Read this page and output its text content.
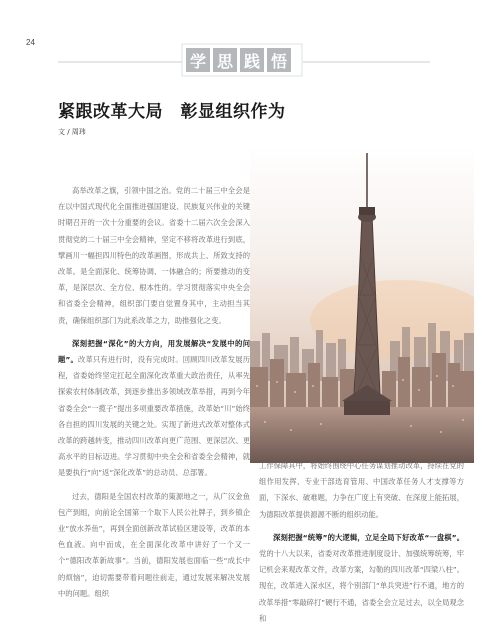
24
学 思 践 悟
紧跟改革大局　彰显组织作为
文 / 周玮

高举改革之旗，引领中国之治。党的二十届三中全会是在以中国式现代化全面推进强国建设、民族复兴伟业的关键时期召开的一次十分重要的会议。省委十二届六次全会深入贯彻党的二十届三中全会精神，坚定不移将改革进行到底，擘画川一幅担四川特色的改革画图，形成共上、所致支持的改革。是全面深化、统筹协调、一体融合的；所要推动的变革，是深层次、全方位、根本性的。学习贯彻落实中央全会和省委全会精神，组织部门要自觉置身其中，主动担当其责，确保组织部门为此系改革之力，助推强化之变。

深刻把握“深化”的大方向，用发展解决“发展中的问题”。改革只有进行时，没有完成时。回顾四川改革发展历程，省委始终坚定扛起全面深化改革重大政治责任，从率先探索农村体制改革，到逐步推出多领域改革举措，再到今年省委全会“一揽子”提出多项重要改革措施，改革始“川”始终各自担的四川发展的关键之处。实现了新进式改革对整体式改革的跨越转变，推动四川改革向更广范围、更深层次、更高水平的目标迈进。学习贯彻中央全会和省委全会精神，就是要执行“向”返“深化改革”的总动员、总部署。

过去，德阳是全国农村改革的策源地之一，从广汉金鱼包产到组，向前论全国第一个取下人民公社牌子，到乡镇企业“放水养鱼”，再到全面创新改革试验区建设等，改革的本色血液。向中而成，在全面深化改革中讲好了一个又一个“德阳改革新故事”。当前，德阳发展也面临一些“成长中的烦恼”，迫切需要带着问题往前走，通过发展来解决发展中的问题。组织

工作保障其中，将始终围绕中心任务谋划推动改革，持续在党的组作用发挥、专业干部选育管用、中国改革任务人才支撑等方面，下深水、破难题，力争在广度上有突破、在深度上能拓展，为德阳改革提供源源不断的组织动能。

深刻把握“统筹”的大逻辑，立足全局下好改革“一盘棋”。党的十八大以来，省委对改革推进制度设计、加强统筹统筹，牢记机会来观改革文件，改革方案，勾勒的四川改革“四梁八柱”。现在，改革进入深水区，将个别部门“单兵突进”行不通，地方的改革举措“零敲碎打”硬行不通，省委全会立足过去，以全局观念和
